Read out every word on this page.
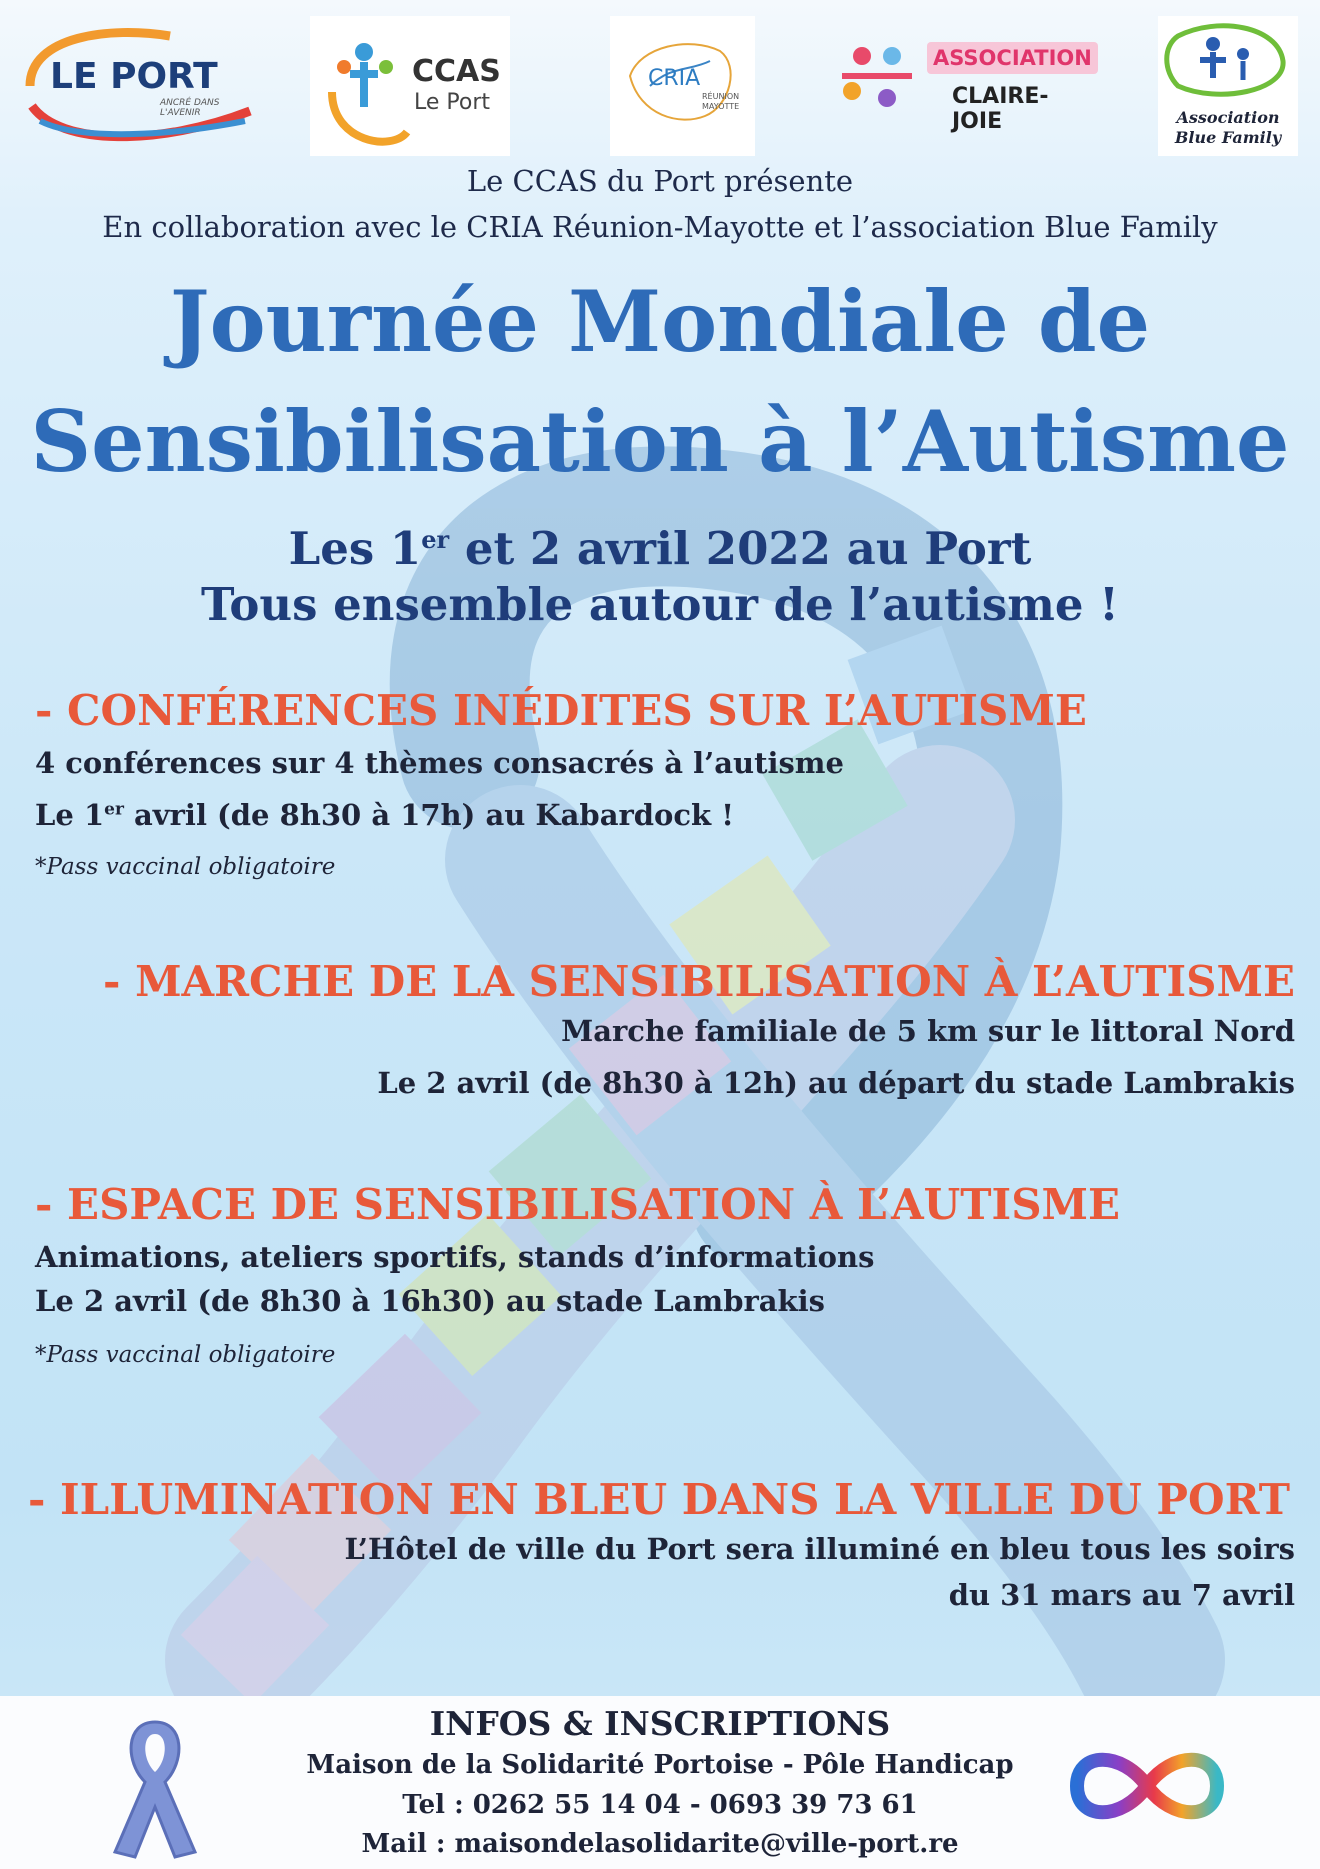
LE PORT
ANCRÉ DANS L'AVENIR
CCAS
Le Port
CRIA
RÉUNION
MAYOTTE
ASSOCIATION
CLAIRE-JOIE	Association
Blue Family
Le CCAS du Port présente
En collaboration avec le CRIA Réunion-Mayotte et l’association Blue Family
Journée Mondiale de
Sensibilisation à l’Autisme
Les 1er et 2 avril 2022 au Port
Tous ensemble autour de l’autisme !
- CONFÉRENCES INÉDITES SUR L’AUTISME
4 conférences sur 4 thèmes consacrés à l’autisme
Le 1er avril (de 8h30 à 17h) au Kabardock !
*Pass vaccinal obligatoire
- MARCHE DE LA SENSIBILISATION À L’AUTISME
Marche familiale de 5 km sur le littoral Nord
Le 2 avril (de 8h30 à 12h) au départ du stade Lambrakis
- ESPACE DE SENSIBILISATION À L’AUTISME
Animations, ateliers sportifs, stands d’informations
Le 2 avril (de 8h30 à 16h30) au stade Lambrakis
*Pass vaccinal obligatoire
- ILLUMINATION EN BLEU DANS LA VILLE DU PORT
L’Hôtel de ville du Port sera illuminé en bleu tous les soirs
du 31 mars au 7 avril
INFOS & INSCRIPTIONS
Maison de la Solidarité Portoise - Pôle Handicap
Tel : 0262 55 14 04 - 0693 39 73 61
Mail : maisondelasolidarite@ville-port.re
